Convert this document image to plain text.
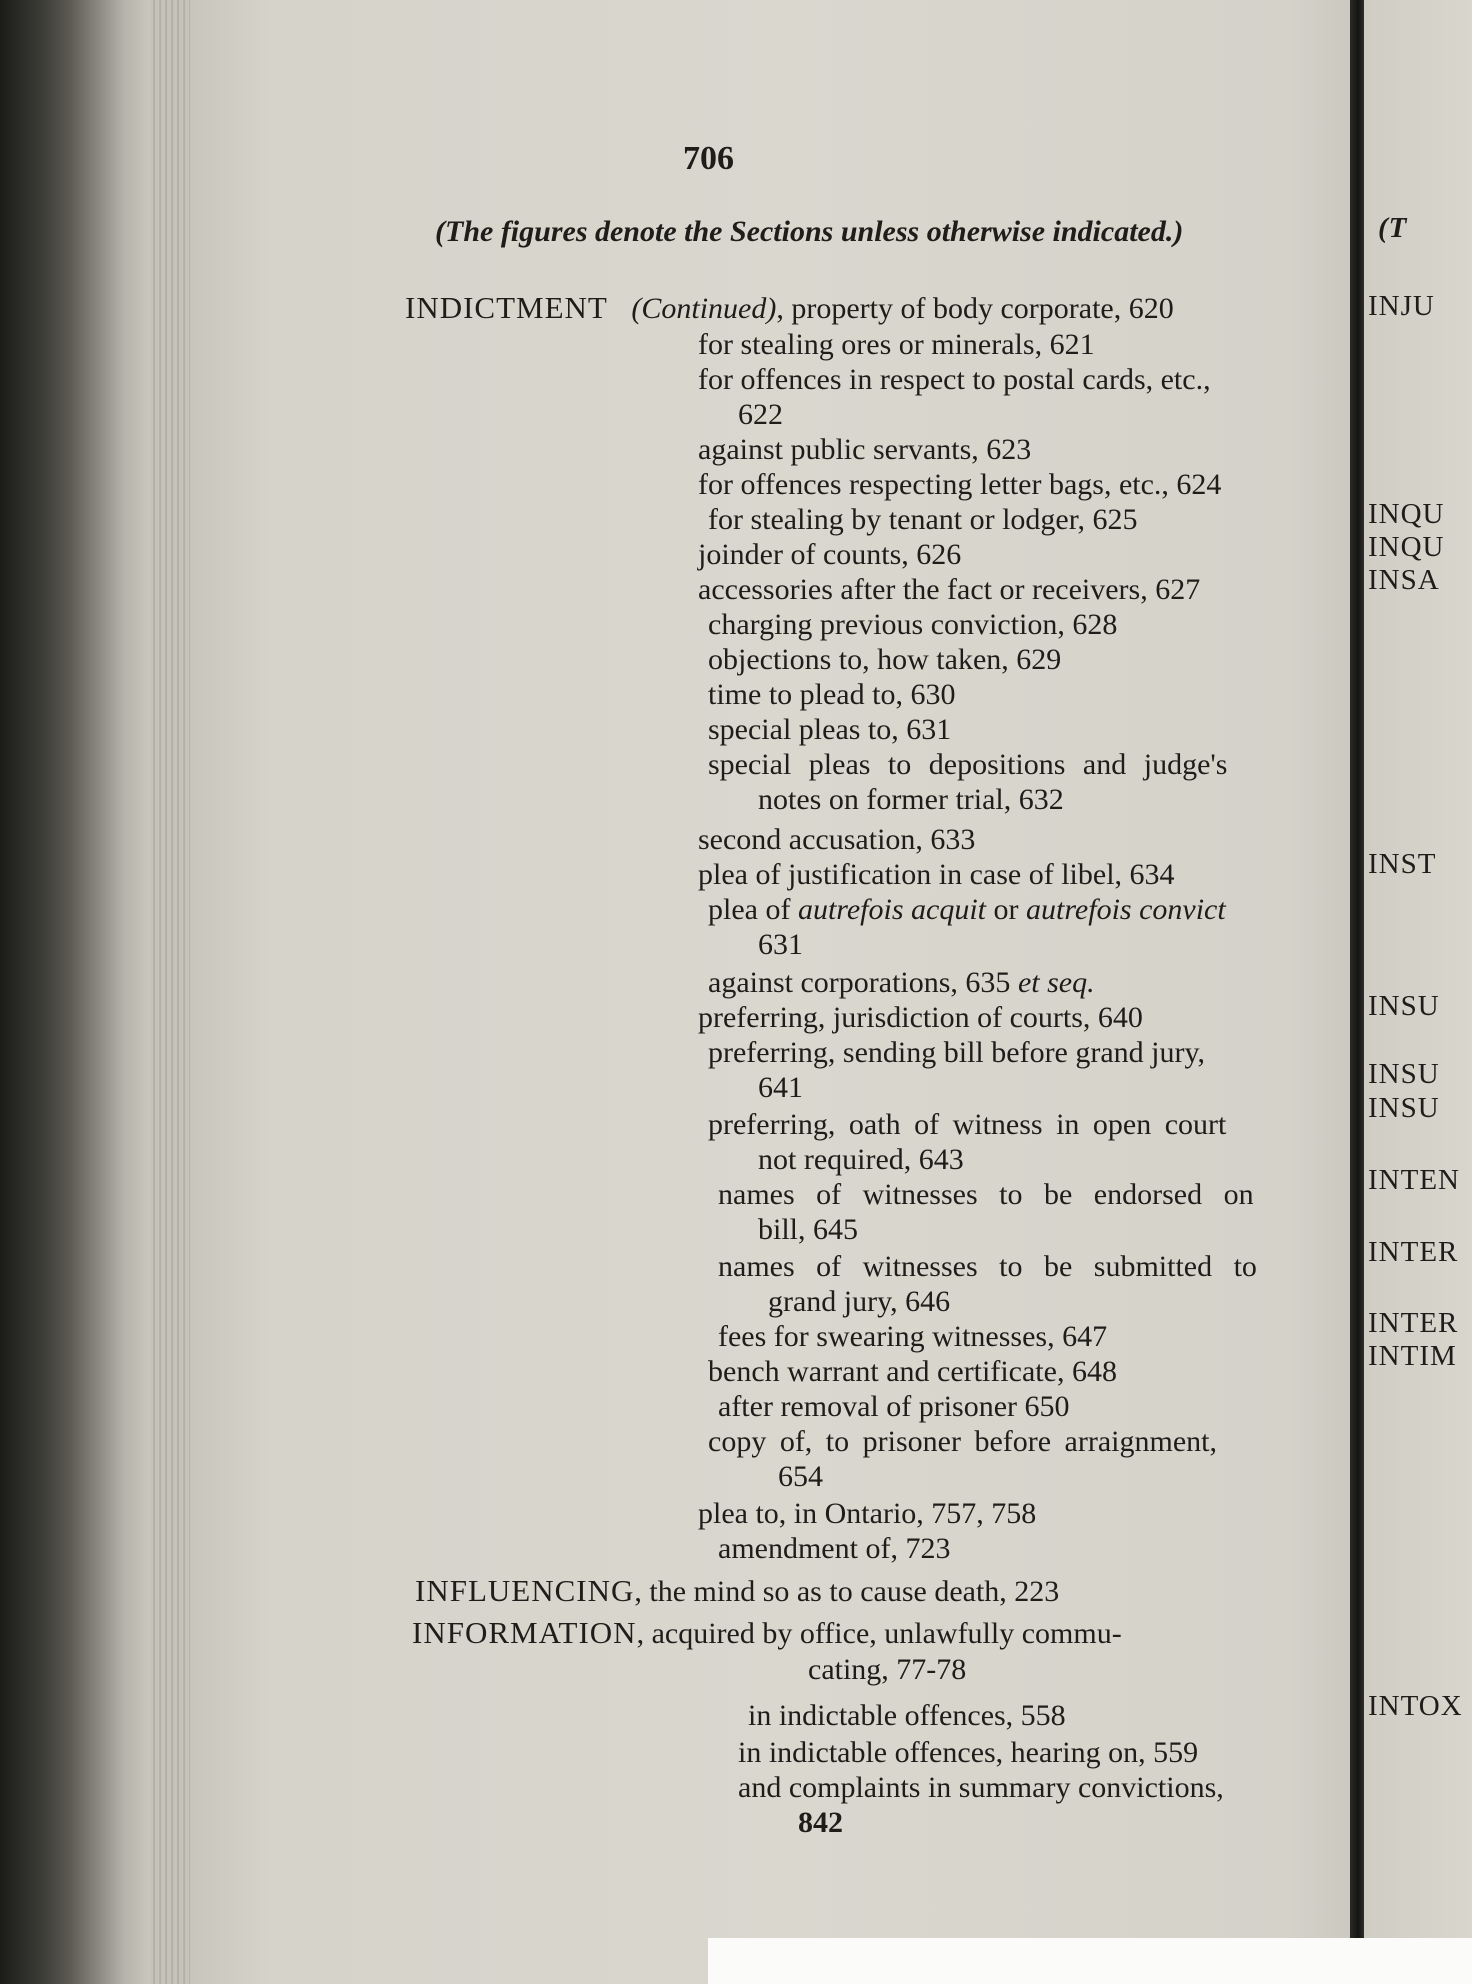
706
(The figures denote the Sections unless otherwise indicated.)
INDICTMENT (Continued), property of body corporate, 620
for stealing ores or minerals, 621
for offences in respect to postal cards, etc.,
622
against public servants, 623
for offences respecting letter bags, etc., 624
for stealing by tenant or lodger, 625
joinder of counts, 626
accessories after the fact or receivers, 627
charging previous conviction, 628
objections to, how taken, 629
time to plead to, 630
special pleas to, 631
special pleas to depositions and judge's
notes on former trial, 632
second accusation, 633
plea of justification in case of libel, 634
plea of autrefois acquit or autrefois convict
631
against corporations, 635 et seq.
preferring, jurisdiction of courts, 640
preferring, sending bill before grand jury,
641
preferring, oath of witness in open court
not required, 643
names of witnesses to be endorsed on
bill, 645
names of witnesses to be submitted to
grand jury, 646
fees for swearing witnesses, 647
bench warrant and certificate, 648
after removal of prisoner 650
copy of, to prisoner before arraignment,
654
plea to, in Ontario, 757, 758
amendment of, 723
INFLUENCING, the mind so as to cause death, 223
INFORMATION, acquired by office, unlawfully commu-
cating, 77-78
in indictable offences, 558
in indictable offences, hearing on, 559
and complaints in summary convictions,
842
(T
INJU
INQU
INQU
INSA
INST
INSU
INSU
INSU
INTEN
INTER
INTER
INTIM
INTOX
